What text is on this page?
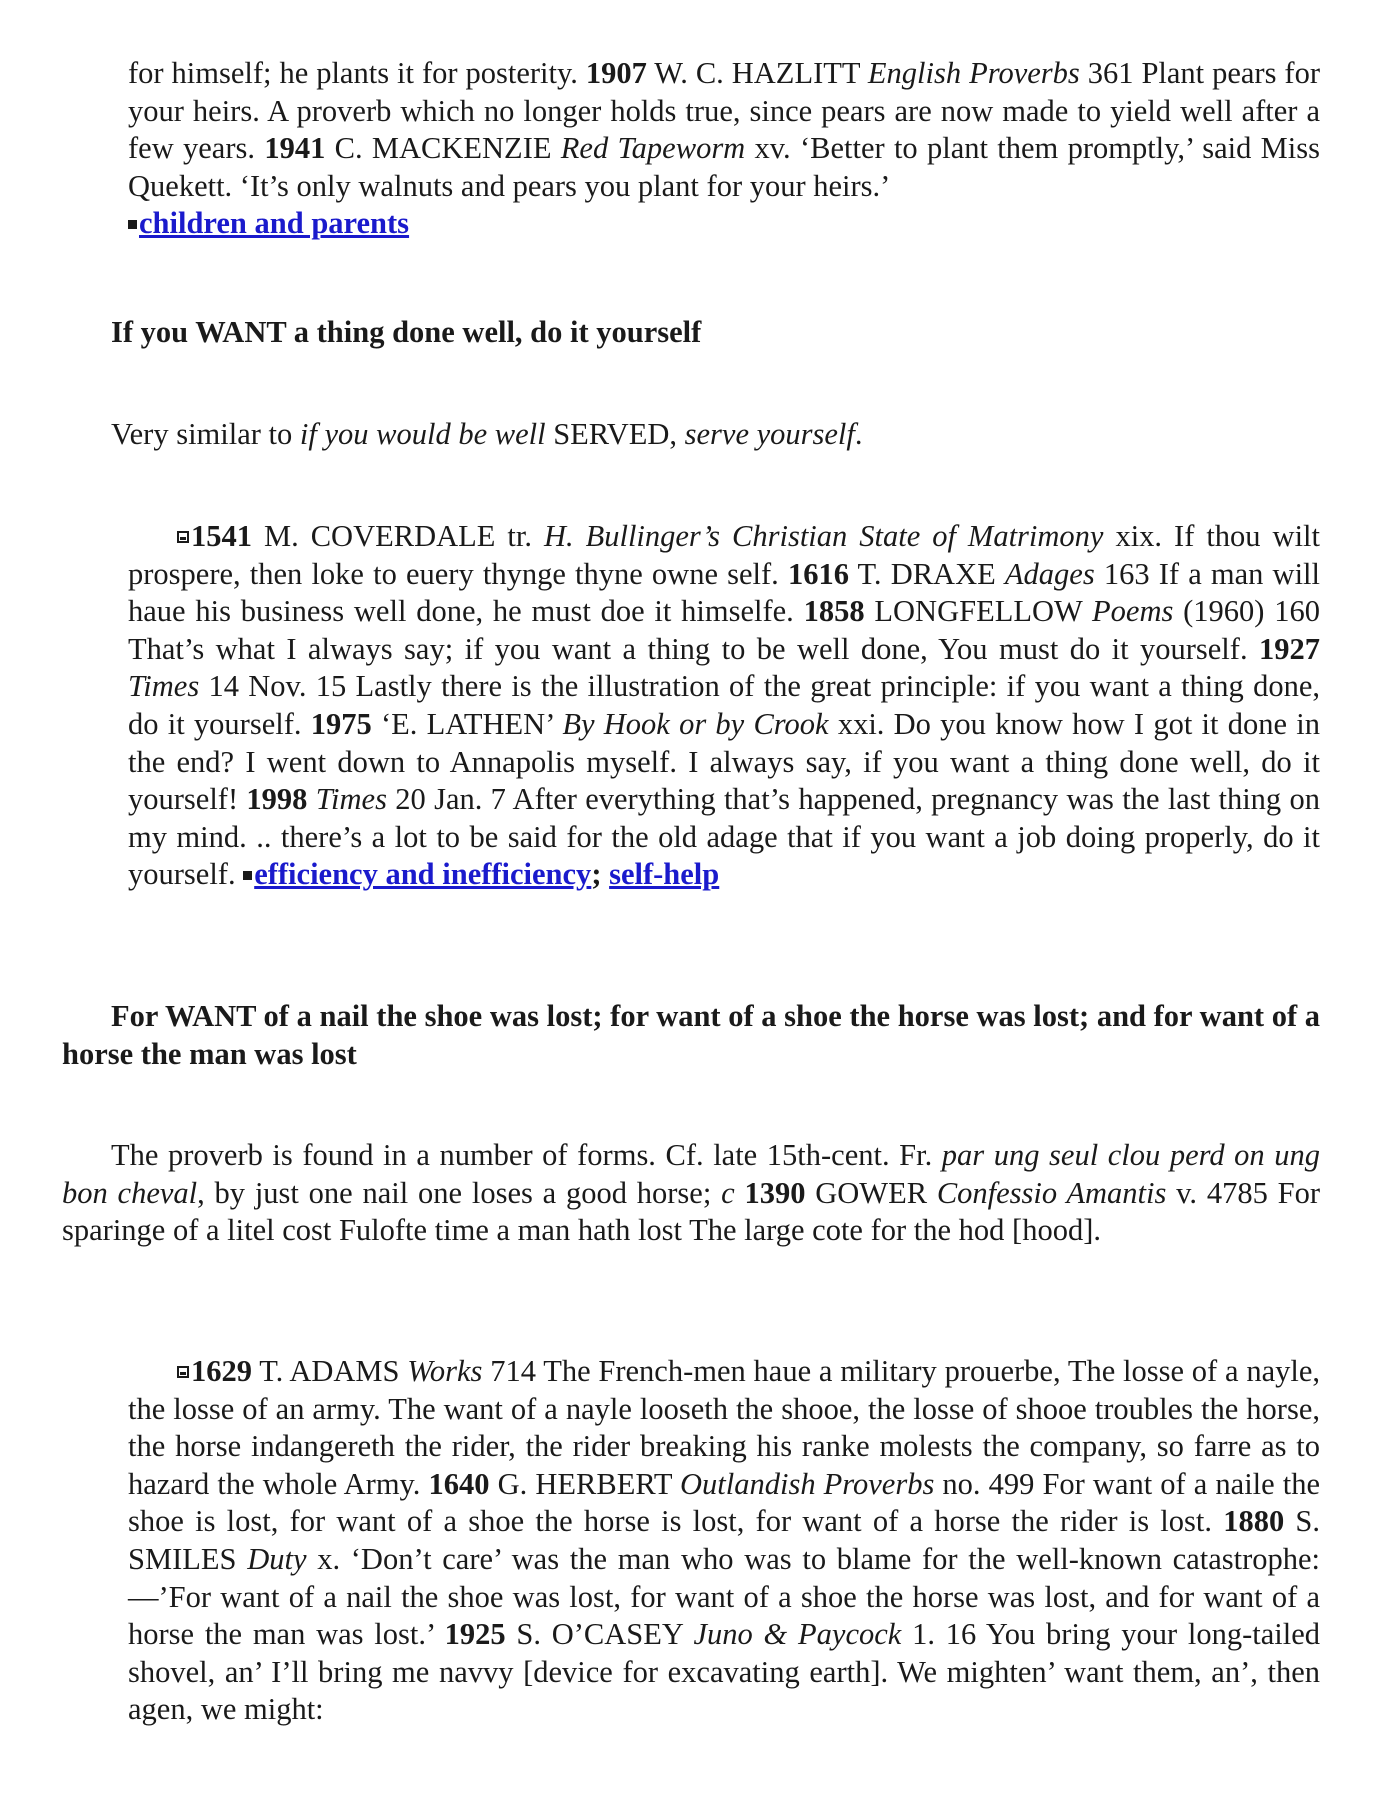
for himself; he plants it for posterity. 1907 W. C. HAZLITT English Proverbs 361 Plant pears for your heirs. A proverb which no longer holds true, since pears are now made to yield well after a few years. 1941 C. MACKENZIE Red Tapeworm xv. ‘Better to plant them promptly,’ said Miss Quekett. ‘It’s only walnuts and pears you plant for your heirs.’
children and parents

If you WANT a thing done well, do it yourself

Very similar to if you would be well SERVED, serve yourself.

1541 M. COVERDALE tr. H. Bullinger’s Christian State of Matrimony xix. If thou wilt prospere, then loke to euery thynge thyne owne self. 1616 T. DRAXE Adages 163 If a man will haue his business well done, he must doe it himselfe. 1858 LONGFELLOW Poems (1960) 160 That’s what I always say; if you want a thing to be well done, You must do it yourself. 1927 Times 14 Nov. 15 Lastly there is the illustration of the great principle: if you want a thing done, do it yourself. 1975 ‘E. LATHEN’ By Hook or by Crook xxi. Do you know how I got it done in the end? I went down to Annapolis myself. I always say, if you want a thing done well, do it yourself! 1998 Times 20 Jan. 7 After everything that’s happened, pregnancy was the last thing on my mind. .. there’s a lot to be said for the old adage that if you want a job doing properly, do it yourself. efficiency and inefficiency; self-help

For WANT of a nail the shoe was lost; for want of a shoe the horse was lost; and for want of a horse the man was lost

The proverb is found in a number of forms. Cf. late 15th-cent. Fr. par ung seul clou perd on ung bon cheval, by just one nail one loses a good horse; c 1390 GOWER Confessio Amantis v. 4785 For sparinge of a litel cost Fulofte time a man hath lost The large cote for the hod [hood].

1629 T. ADAMS Works 714 The French-men haue a military prouerbe, The losse of a nayle, the losse of an army. The want of a nayle looseth the shooe, the losse of shooe troubles the horse, the horse indangereth the rider, the rider breaking his ranke molests the company, so farre as to hazard the whole Army. 1640 G. HERBERT Outlandish Proverbs no. 499 For want of a naile the shoe is lost, for want of a shoe the horse is lost, for want of a horse the rider is lost. 1880 S. SMILES Duty x. ‘Don’t care’ was the man who was to blame for the well-known catastrophe:—’For want of a nail the shoe was lost, for want of a shoe the horse was lost, and for want of a horse the man was lost.’ 1925 S. O’CASEY Juno & Paycock 1. 16 You bring your long-tailed shovel, an’ I’ll bring me navvy [device for excavating earth]. We mighten’ want them, an’, then agen, we might:
